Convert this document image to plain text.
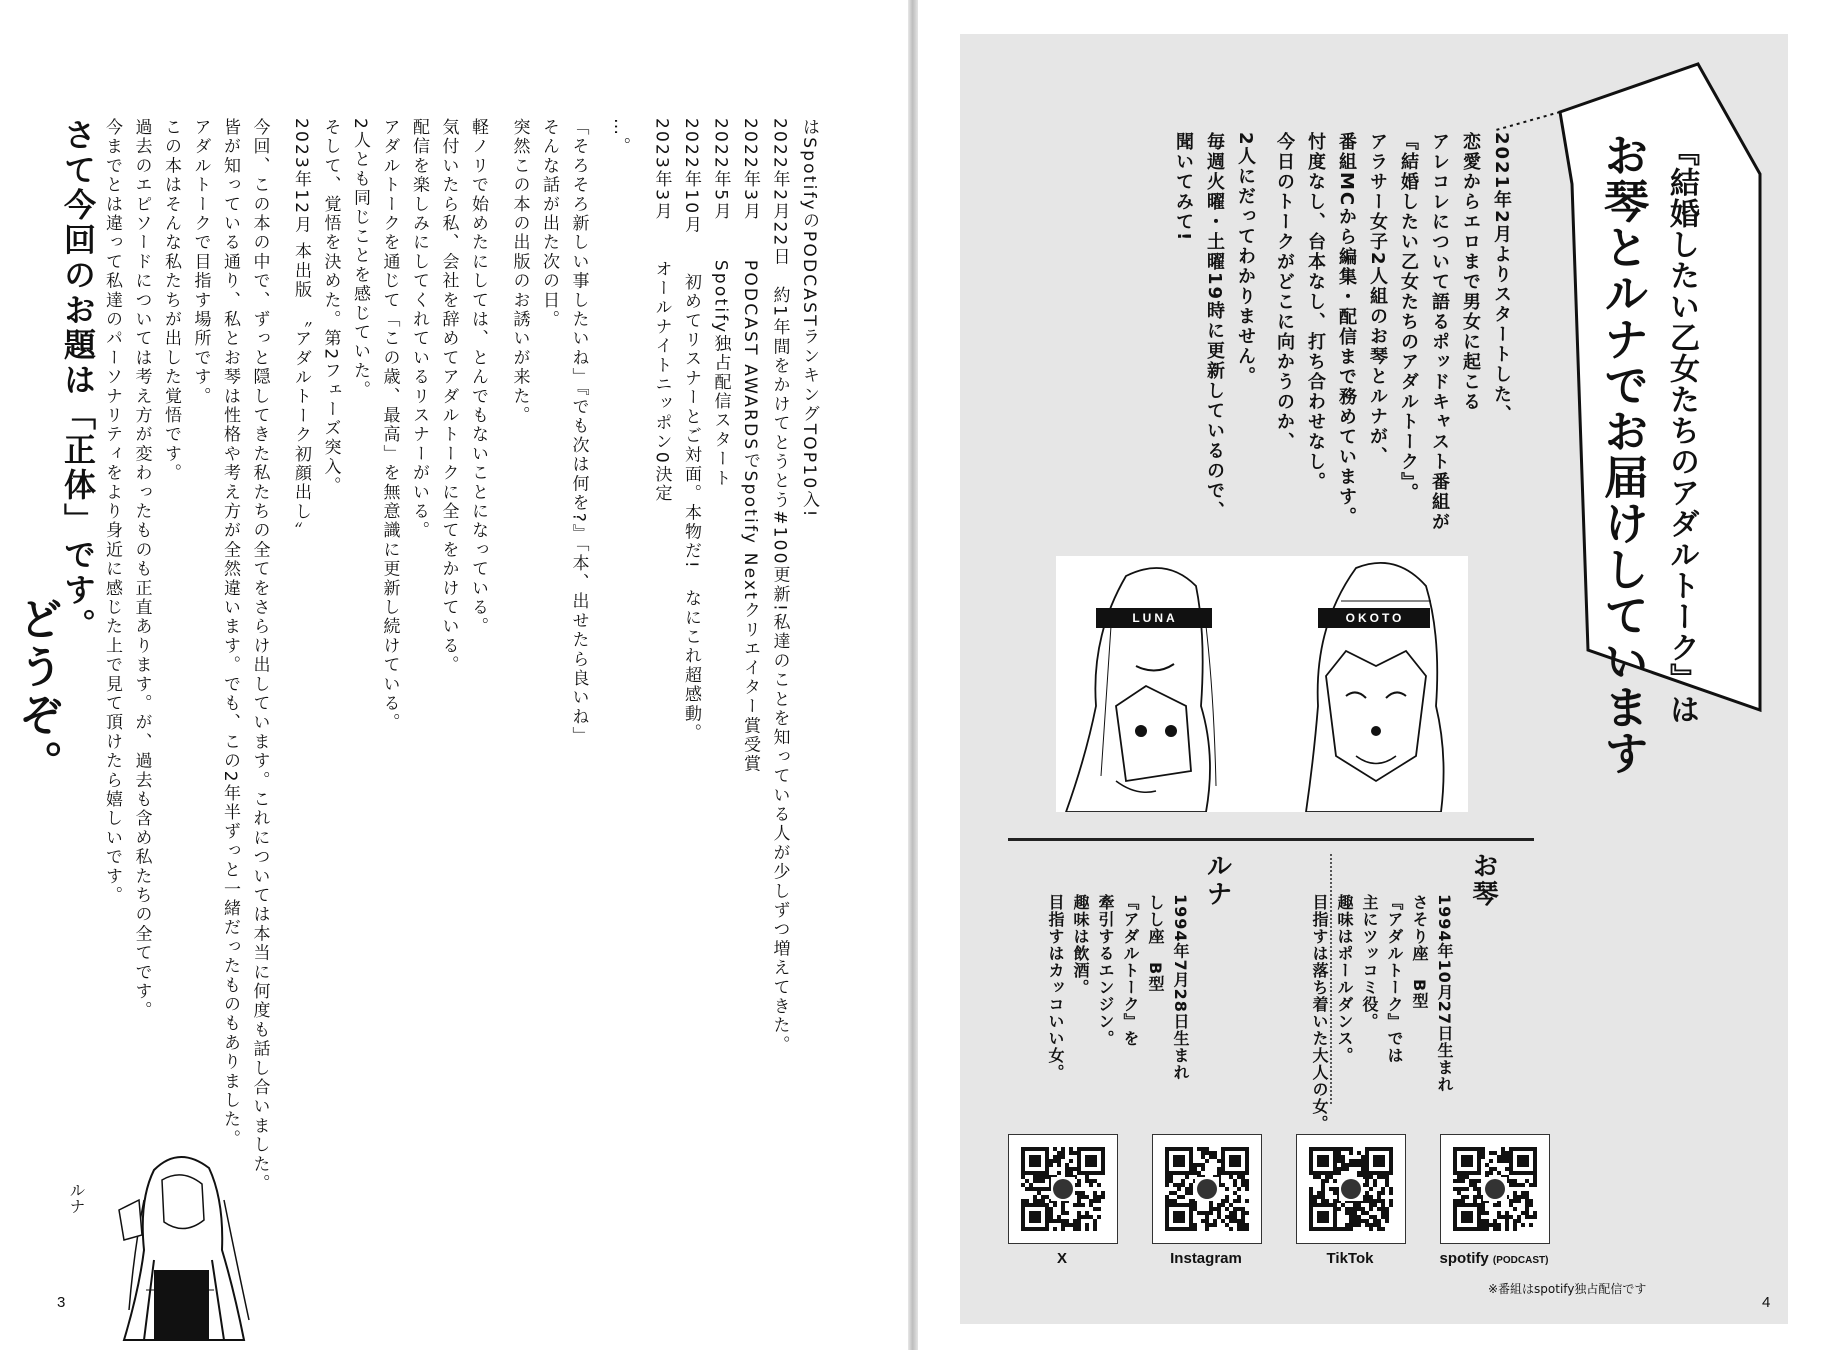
はSpotifyのPODCASTランキングTOP10入!
2022年2月22日　約1年間をかけてとうとう#100更新!私達のことを知っている人が少しずつ増えてきた。
2022年3月　　PODCAST AWARDSでSpotify Nextクリエイター賞受賞
2022年5月　　Spotify独占配信スタート
2022年10月　　初めてリスナーとご対面。本物だ!　なにこれ超感動。
2023年3月　　オールナイトニッポン0決定
…。
「そろそろ新しい事したいね」『でも次は何を?』「本、出せたら良いね」
そんな話が出た次の日。
突然この本の出版のお誘いが来た。
軽ノリで始めたにしては、とんでもないことになっている。
気付いたら私、会社を辞めてアダルトークに全てをかけている。
配信を楽しみにしてくれているリスナーがいる。
アダルトークを通じて「この歳、最高」を無意識に更新し続けている。
2人とも同じことを感じていた。
そして、覚悟を決めた。第2フェーズ突入。
2023年12月 本出版　〝アダルトーク初顔出し〟
今回、この本の中で、ずっと隠してきた私たちの全てをさらけ出しています。これについては本当に何度も話し合いました。
皆が知っている通り、私とお琴は性格や考え方が全然違います。でも、この2年半ずっと一緒だったものもありました。
アダルトークで目指す場所です。
この本はそんな私たちが出した覚悟です。
過去のエピソードについては考え方が変わったものも正直あります。が、過去も含め私たちの全てです。
今までとは違って私達のパーソナリティをより身近に感じた上で見て頂けたら嬉しいです。
さて今回のお題は「正体」です。
どうぞ。
ルナ
3
『結婚したい乙女たちのアダルトーク』は
お琴とルナでお届けしています
2021年2月よりスタートした、
恋愛からエロまで男女に起こる
アレコレについて語るポッドキャスト番組が
『結婚したい乙女たちのアダルトーク』。
アラサー女子2人組のお琴とルナが、
番組MCから編集・配信まで務めています。
忖度なし、台本なし、打ち合わせなし。
今日のトークがどこに向かうのか、
2人にだってわかりません。
毎週火曜・土曜19時に更新しているので、
聞いてみて!
LUNA	OKOTO
お琴
1994年10月27日生まれ
さそり座　B型
『アダルトーク』では
主にツッコミ役。
趣味はポールダンス。
目指すは落ち着いた大人の女。
ルナ
1994年7月28日生まれ
しし座　B型
『アダルトーク』を
牽引するエンジン。
趣味は飲酒。
目指すはカッコいい女。
X	Instagram	TikTok	spotify (PODCAST)
※番組はspotify独占配信です
4
